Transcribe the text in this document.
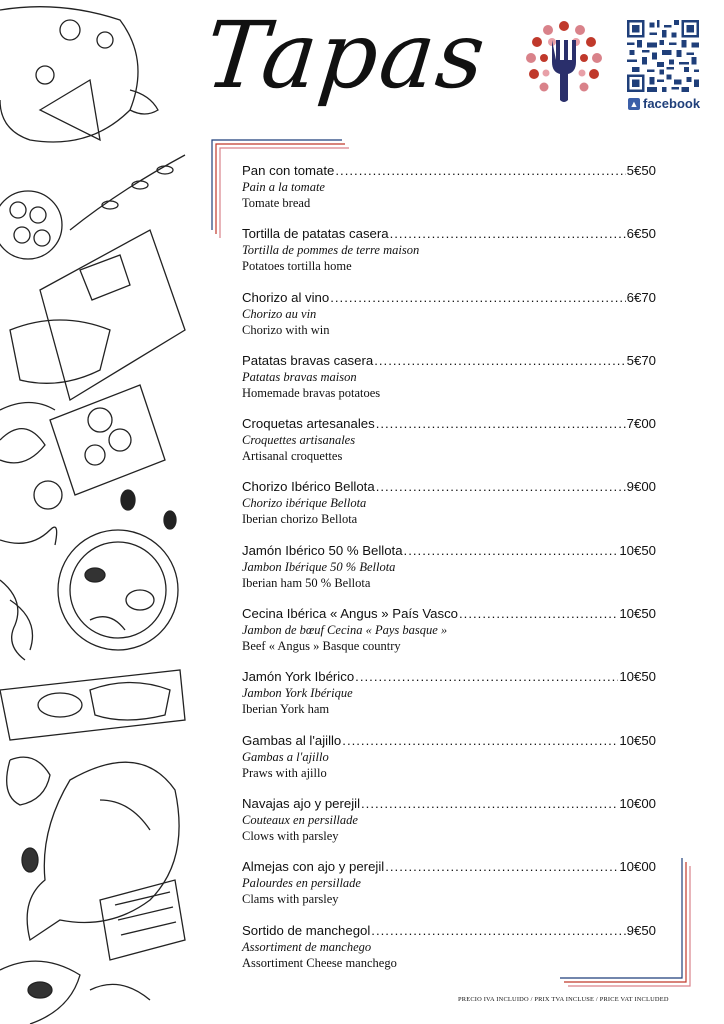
Tapas	▲ facebook
Pan con tomate .....	5€50
Pain a la tomate
Tomate bread
Tortilla de patatas casera .....	6€50
Tortilla de pommes de terre maison
Potatoes tortilla home
Chorizo al vino .....	6€70
Chorizo au vin
Chorizo with win
Patatas bravas casera .....	5€70
Patatas bravas maison
Homemade bravas potatoes
Croquetas artesanales .....	7€00
Croquettes artisanales
Artisanal croquettes
Chorizo Ibérico Bellota .....	9€00
Chorizo ibérique Bellota
Iberian chorizo Bellota
Jamón Ibérico 50 % Bellota .....	10€50
Jambon Ibérique 50 % Bellota
Iberian ham 50 % Bellota
Cecina Ibérica « Angus » País Vasco .....	10€50
Jambon de bœuf Cecina « Pays basque »
Beef « Angus » Basque country
Jamón York Ibérico .....	10€50
Jambon York Ibérique
Iberian York ham
Gambas al l'ajillo .....	10€50
Gambas a l'ajillo
Praws with ajillo
Navajas ajo y perejil .....	10€00
Couteaux en persillade
Clows with parsley
Almejas con ajo y perejil .....	10€00
Palourdes en persillade
Clams with parsley
Sortido de manchegol .....	9€50
Assortiment de manchego
Assortiment Cheese manchego
PRECIO IVA INCLUIDO / PRIX TVA INCLUSE / PRICE VAT INCLUDED
